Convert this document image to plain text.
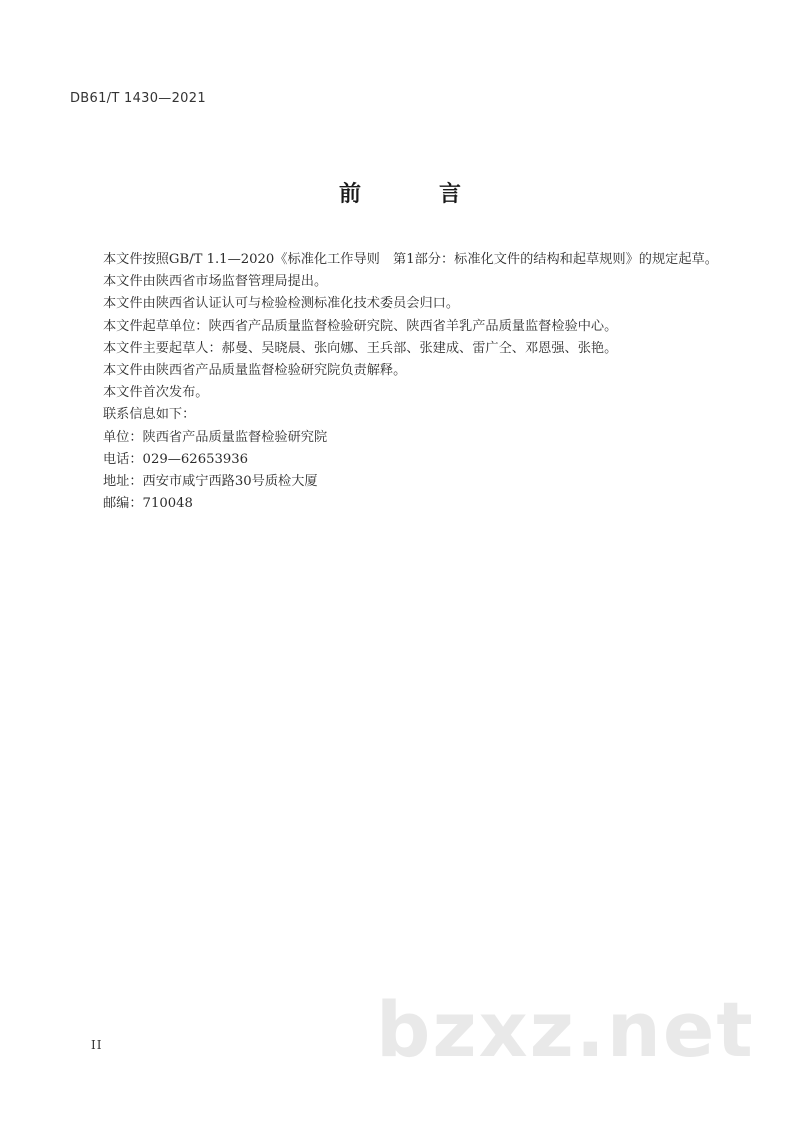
DB61/T 1430—2021
前　言

本文件按照GB/T 1.1—2020《标准化工作导则　第1部分：标准化文件的结构和起草规则》的规定起草。

本文件由陕西省市场监督管理局提出。

本文件由陕西省认证认可与检验检测标准化技术委员会归口。

本文件起草单位：陕西省产品质量监督检验研究院、陕西省羊乳产品质量监督检验中心。

本文件主要起草人：郝曼、吴晓晨、张向娜、王兵部、张建成、雷广仝、邓恩强、张艳。

本文件由陕西省产品质量监督检验研究院负责解释。

本文件首次发布。

联系信息如下：

单位：陕西省产品质量监督检验研究院

电话：029—62653936

地址：西安市咸宁西路30号质检大厦

邮编：710048

bzxz.net
II
